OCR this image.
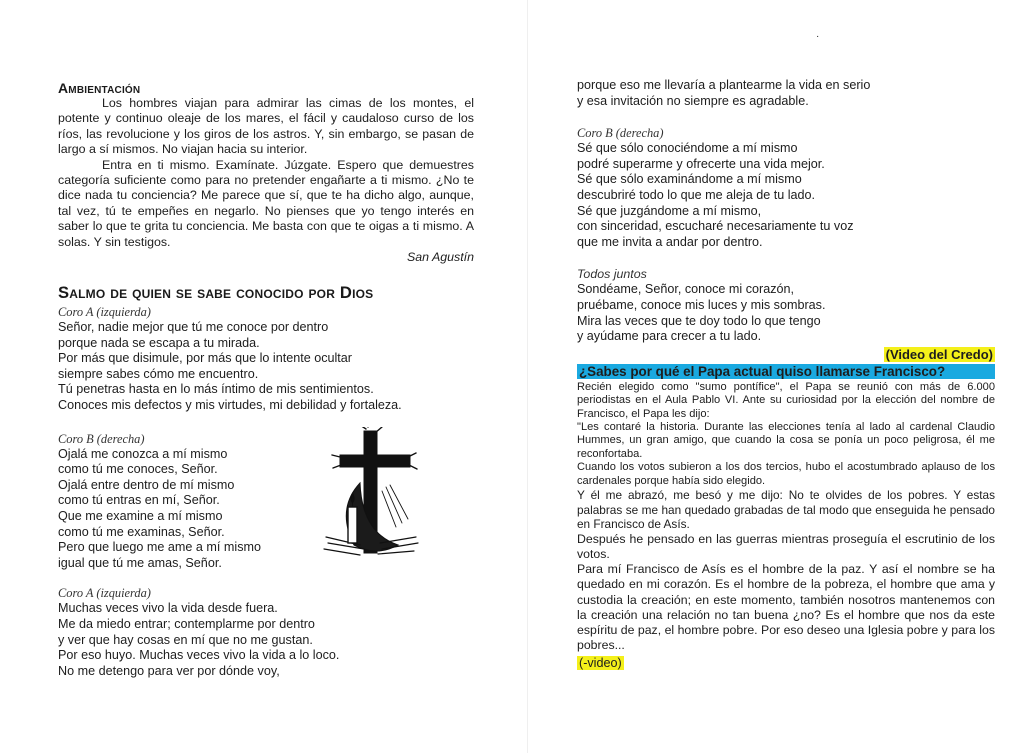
·
Ambientación

Los hombres viajan para admirar las cimas de los montes, el potente y continuo oleaje de los mares, el fácil y caudaloso curso de los ríos, las revolucione y los giros de los astros. Y, sin embargo, se pasan de largo a sí mismos. No viajan hacia su interior.

Entra en ti mismo. Examínate. Júzgate. Espero que demuestres categoría suficiente como para no pretender engañarte a ti mismo. ¿No te dice nada tu conciencia? Me parece que sí, que te ha dicho algo, aunque, tal vez, tú te empeñes en negarlo. No pienses que yo tengo interés en saber lo que te grita tu conciencia. Me basta con que te oigas a ti mismo. A solas. Y sin testigos.

San Agustín
Salmo de quien se sabe conocido por Dios
Coro A (izquierda)
Señor, nadie mejor que tú me conoce por dentro
porque nada se escapa a tu mirada.
Por más que disimule, por más que lo intente ocultar
siempre sabes cómo me encuentro.
Tú penetras hasta en lo más íntimo de mis sentimientos.
Conoces mis defectos y mis virtudes, mi debilidad y fortaleza.
Coro B (derecha)
Ojalá me conozca a mí mismo
como tú me conoces, Señor.
Ojalá entre dentro de mí mismo
como tú entras en mí, Señor.
Que me examine a mí mismo
como tú me examinas, Señor.
Pero que luego me ame a mí mismo
igual que tú me amas, Señor.
Coro A (izquierda)
Muchas veces vivo la vida desde fuera.
Me da miedo entrar; contemplarme por dentro
y ver que hay cosas en mí que no me gustan.
Por eso huyo. Muchas veces vivo la vida a lo loco.
No me detengo para ver por dónde voy,
porque eso me llevaría a plantearme la vida en serio
y esa invitación no siempre es agradable.
Coro B (derecha)
Sé que sólo conociéndome a mí mismo
podré superarme y ofrecerte una vida mejor.
Sé que sólo examinándome a mí mismo
descubriré todo lo que me aleja de tu lado.
Sé que juzgándome a mí mismo,
con sinceridad, escucharé necesariamente tu voz
que me invita a andar por dentro.
Todos juntos
Sondéame, Señor, conoce mi corazón,
pruébame, conoce mis luces y mis sombras.
Mira las veces que te doy todo lo que tengo
y ayúdame para crecer a tu lado.
(Video del Credo)
¿Sabes por qué el Papa actual quiso llamarse Francisco?

Recién elegido como "sumo pontífice", el Papa se reunió con más de 6.000 periodistas en el Aula Pablo VI. Ante su curiosidad por la elección del nombre de Francisco, el Papa les dijo:

"Les contaré la historia. Durante las elecciones tenía al lado al cardenal Claudio Hummes, un gran amigo, que cuando la cosa se ponía un poco peligrosa, él me reconfortaba.

Cuando los votos subieron a los dos tercios, hubo el acostumbrado aplauso de los cardenales porque había sido elegido.

Y él me abrazó, me besó y me dijo: No te olvides de los pobres. Y estas palabras se me han quedado grabadas de tal modo que enseguida he pensado en Francisco de Asís.

Después he pensado en las guerras mientras proseguía el escrutinio de los votos.

Para mí Francisco de Asís es el hombre de la paz. Y así el nombre se ha quedado en mi corazón. Es el hombre de la pobreza, el hombre que ama y custodia la creación; en este momento, también nosotros mantenemos con la creación una relación no tan buena ¿no? Es el hombre que nos da este espíritu de paz, el hombre pobre. Por eso deseo una Iglesia pobre y para los pobres...

(-video)
